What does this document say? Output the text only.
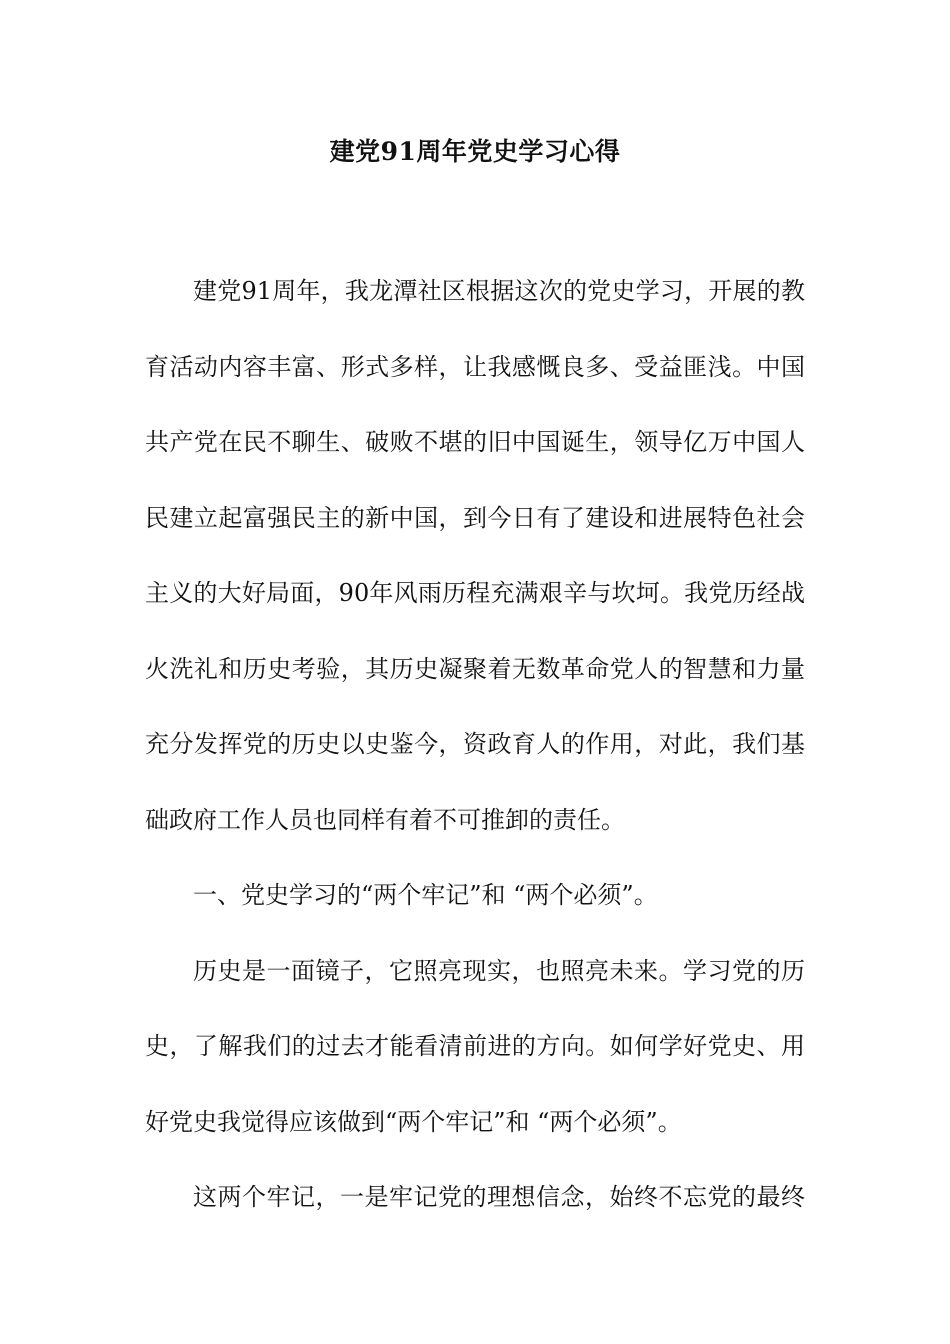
建党91周年党史学习心得

建党91周年，我龙潭社区根据这次的党史学习，开展的教
育活动内容丰富、形式多样，让我感慨良多、受益匪浅。中国
共产党在民不聊生、破败不堪的旧中国诞生，领导亿万中国人
民建立起富强民主的新中国，到今日有了建设和进展特色社会
主义的大好局面，90年风雨历程充满艰辛与坎坷。我党历经战
火洗礼和历史考验，其历史凝聚着无数革命党人的智慧和力量
充分发挥党的历史以史鉴今，资政育人的作用，对此，我们基
础政府工作人员也同样有着不可推卸的责任。

一、党史学习的“两个牢记”和 “两个必须”。

历史是一面镜子，它照亮现实，也照亮未来。学习党的历
史，了解我们的过去才能看清前进的方向。如何学好党史、用
好党史我觉得应该做到“两个牢记”和 “两个必须”。

这两个牢记，一是牢记党的理想信念，始终不忘党的最终
